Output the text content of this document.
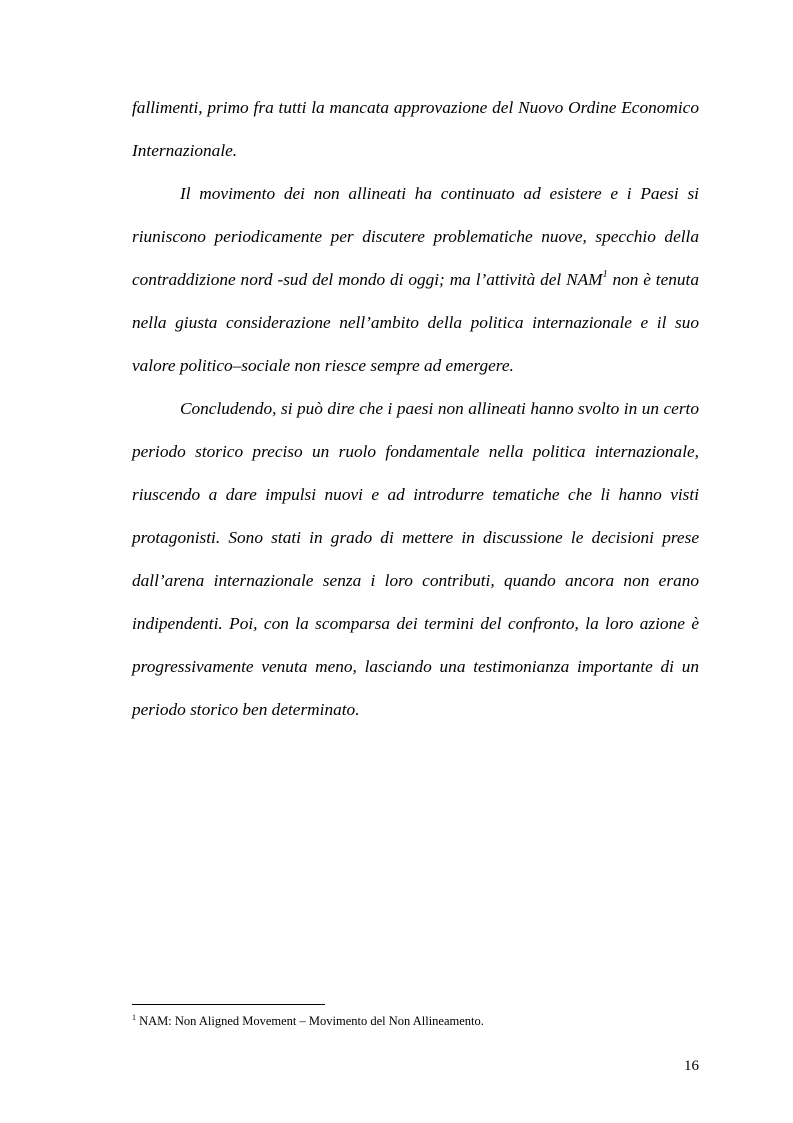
fallimenti, primo fra tutti la mancata approvazione del Nuovo Ordine Economico Internazionale.

Il movimento dei non allineati ha continuato ad esistere e i Paesi si riuniscono periodicamente per discutere problematiche nuove, specchio della contraddizione nord -sud del mondo di oggi; ma l’attività del NAM$^1$ non è tenuta nella giusta considerazione nell’ambito della politica internazionale e il suo valore politico–sociale non riesce sempre ad emergere.

Concludendo, si può dire che i paesi non allineati hanno svolto in un certo periodo storico preciso un ruolo fondamentale nella politica internazionale, riuscendo a dare impulsi nuovi e ad introdurre tematiche che li hanno visti protagonisti. Sono stati in grado di mettere in discussione le decisioni prese dall’arena internazionale senza i loro contributi, quando ancora non erano indipendenti. Poi, con la scomparsa dei termini del confronto, la loro azione è progressivamente venuta meno, lasciando una testimonianza importante di un periodo storico ben determinato.

$^1$ NAM: Non Aligned Movement – Movimento del Non Allineamento.
16
